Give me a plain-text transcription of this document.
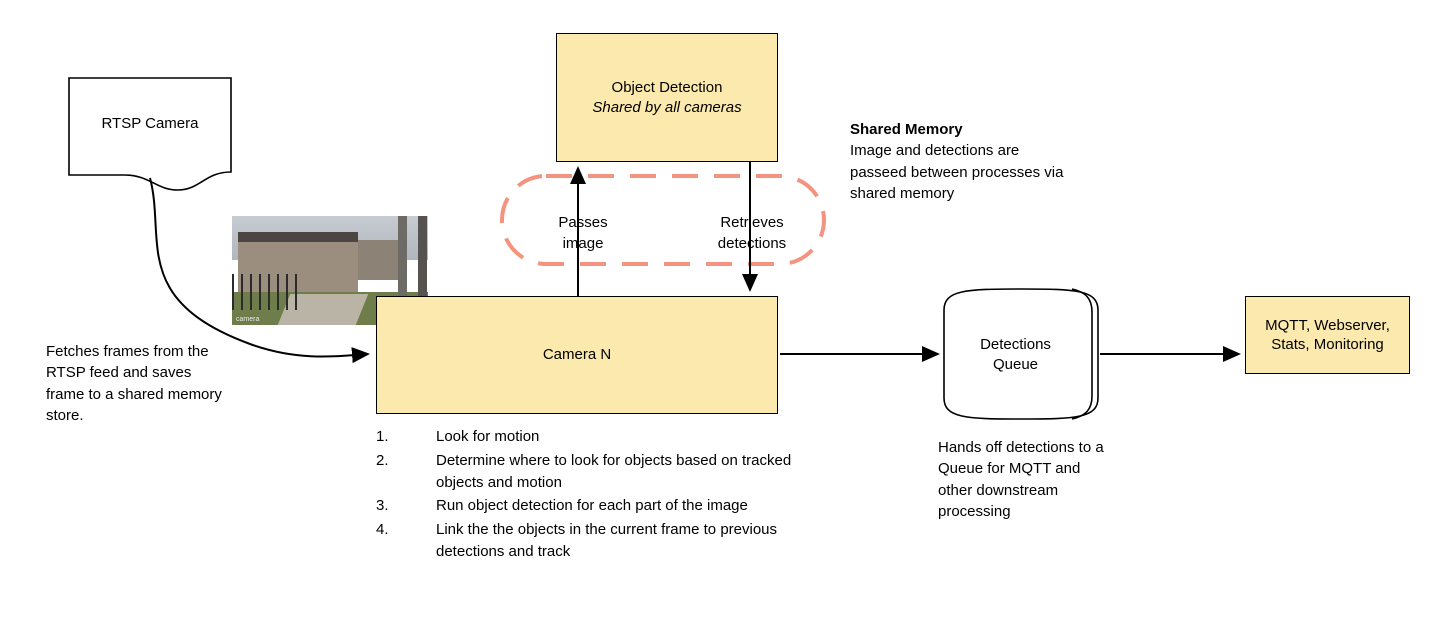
RTSP Camera
camera
Object Detection
Shared by all cameras
Camera N
Detections
Queue
MQTT, Webserver,
Stats, Monitoring
Passes
image
Retrieves
detections
Shared Memory
Image and detections are passeed between processes via shared memory
Fetches frames from the RTSP feed and saves frame to a shared memory store.
Hands off detections to a Queue for MQTT and other downstream processing
1.	Look for motion
2.	Determine where to look for objects based on tracked objects and motion
3.	Run object detection for each part of the image
4.	Link the the objects in the current frame to previous detections and track
